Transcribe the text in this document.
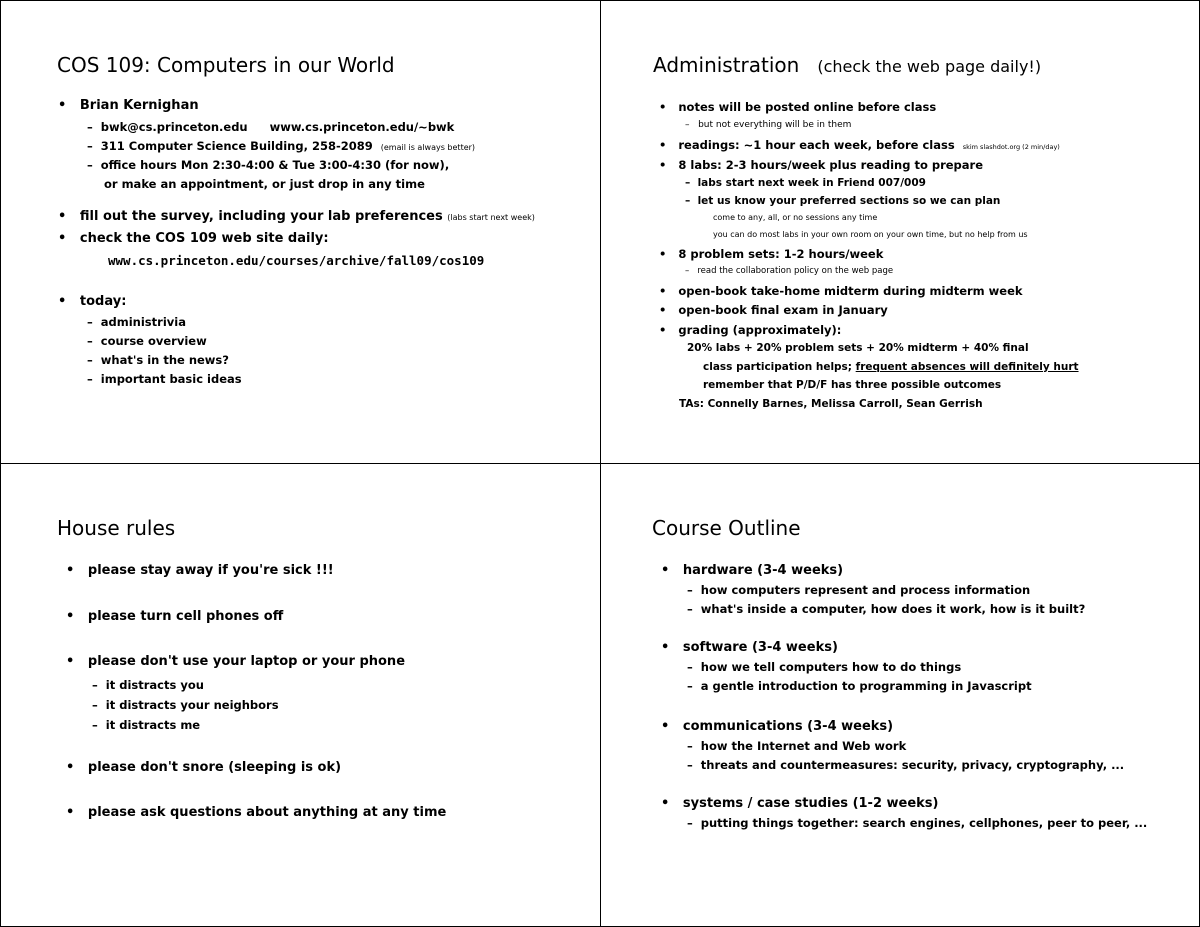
COS 109: Computers in our World
•   Brian Kernighan
–  bwk@cs.princeton.edu www.cs.princeton.edu/~bwk
–  311 Computer Science Building, 258-2089 (email is always better)
–  office hours Mon 2:30-4:00 & Tue 3:00-4:30 (for now),
or make an appointment, or just drop in any time
•   fill out the survey, including your lab preferences (labs start next week)
•   check the COS 109 web site daily:
www.cs.princeton.edu/courses/archive/fall09/cos109
•   today:
–  administrivia
–  course overview
–  what's in the news?
–  important basic ideas
Administration (check the web page daily!)
•   notes will be posted online before class
–   but not everything will be in them
•   readings: ~1 hour each week, before class skim slashdot.org (2 min/day)
•   8 labs: 2-3 hours/week plus reading to prepare
–  labs start next week in Friend 007/009
–  let us know your preferred sections so we can plan
come to any, all, or no sessions any time
you can do most labs in your own room on your own time, but no help from us
•   8 problem sets: 1-2 hours/week
–   read the collaboration policy on the web page
•   open-book take-home midterm during midterm week
•   open-book final exam in January
•   grading (approximately):
20% labs + 20% problem sets + 20% midterm + 40% final
class participation helps; frequent absences will definitely hurt
remember that P/D/F has three possible outcomes
TAs: Connelly Barnes, Melissa Carroll, Sean Gerrish
House rules
•   please stay away if you're sick !!!
•   please turn cell phones off
•   please don't use your laptop or your phone
–  it distracts you
–  it distracts your neighbors
–  it distracts me
•   please don't snore (sleeping is ok)
•   please ask questions about anything at any time
Course Outline
•   hardware (3-4 weeks)
–  how computers represent and process information
–  what's inside a computer, how does it work, how is it built?
•   software (3-4 weeks)
–  how we tell computers how to do things
–  a gentle introduction to programming in Javascript
•   communications (3-4 weeks)
–  how the Internet and Web work
–  threats and countermeasures: security, privacy, cryptography, ...
•   systems / case studies (1-2 weeks)
–  putting things together: search engines, cellphones, peer to peer, ...
